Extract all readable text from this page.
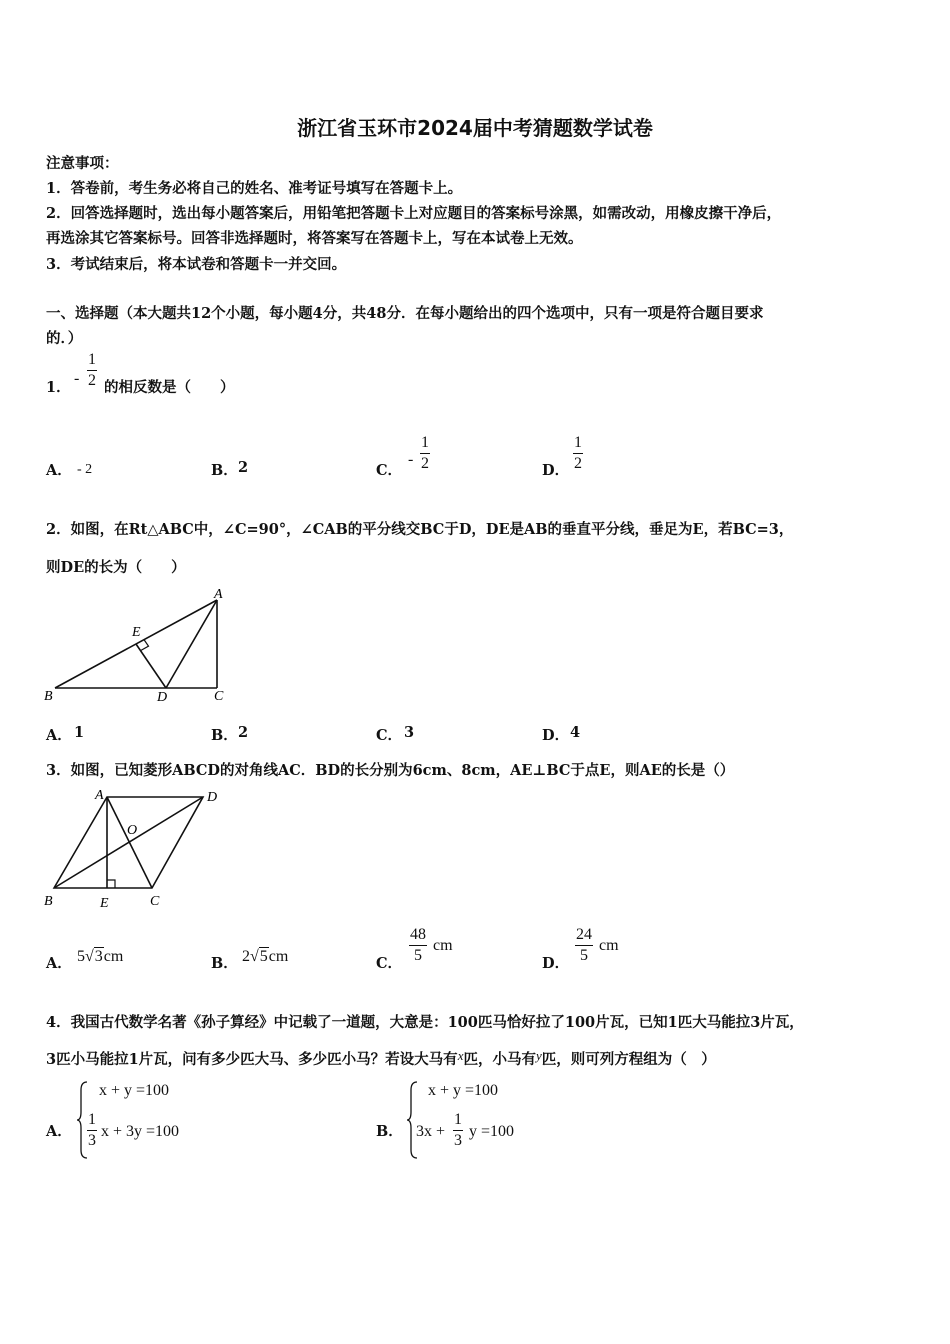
浙江省玉环市2024届中考猜题数学试卷
注意事项：
1．答卷前，考生务必将自己的姓名、准考证号填写在答题卡上。
2．回答选择题时，选出每小题答案后，用铅笔把答题卡上对应题目的答案标号涂黑，如需改动，用橡皮擦干净后，
再选涂其它答案标号。回答非选择题时，将答案写在答题卡上，写在本试卷上无效。
3．考试结束后，将本试卷和答题卡一并交回。
一、选择题（本大题共12个小题，每小题4分，共48分．在每小题给出的四个选项中，只有一项是符合题目要求
的．）
1．
- $\frac{1}{2}$ 的相反数是（　　）
A． - 2	B． 2	C．
- $\frac{1}{2}$	D． $\frac{1}{2}$
2．如图，在Rt△ABC中，∠C=90°，∠CAB的平分线交BC于D，DE是AB的垂直平分线，垂足为E，若BC=3，
则DE的长为（　　）
A
B	C
D
E
A． 1	B． 2	C． 3	D． 4
3．如图，已知菱形ABCD的对角线AC．BD的长分别为6cm、8cm，AE⊥BC于点E，则AE的长是（）
A	D
O
B	E	C
A． 5√3cm	B． 2√5cm	C． $\frac{48}{5}$ cm
D． $\frac{24}{5}$ cm
4．我国古代数学名著《孙子算经》中记载了一道题，大意是：100匹马恰好拉了100片瓦，已知1匹大马能拉3片瓦，
3匹小马能拉1片瓦，问有多少匹大马、多少匹小马？若设大马有x匹，小马有y匹，则可列方程组为（　）
A．
x + y =100
$\frac{1}{3}$ x + 3y =100	B．
x + y =100
$3x + \frac{1}{3}$ y =100
